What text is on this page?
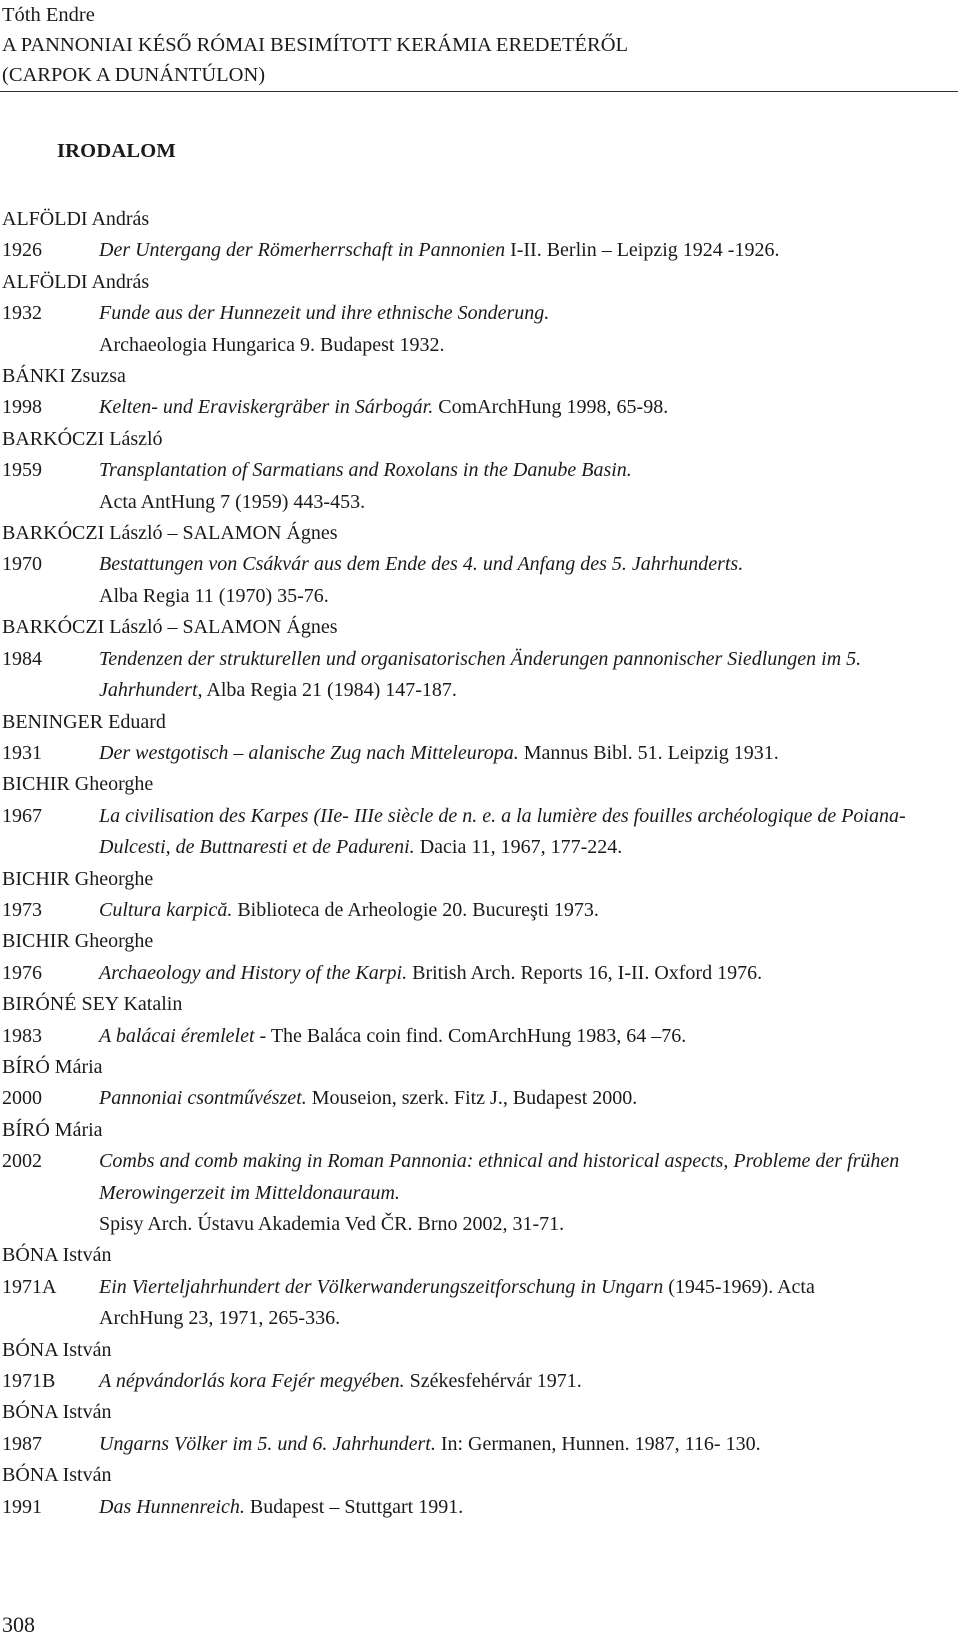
Tóth Endre
A PANNONIAI KÉSŐ RÓMAI BESIMÍTOTT KERÁMIA EREDETÉRŐL
(CARPOK A DUNÁNTÚLON)
IRODALOM
ALFÖLDI András
1926	Der Untergang der Römerherrschaft in Pannonien I-II. Berlin – Leipzig 1924 -1926.
ALFÖLDI András
1932	Funde aus der Hunnezeit und ihre ethnische Sonderung.
Archaeologia Hungarica 9. Budapest 1932.
BÁNKI Zsuzsa
1998	Kelten- und Eraviskergräber in Sárbogár. ComArchHung 1998, 65-98.
BARKÓCZI László
1959	Transplantation of Sarmatians and Roxolans in the Danube Basin.
Acta AntHung 7 (1959) 443-453.
BARKÓCZI László – SALAMON Ágnes
1970	Bestattungen von Csákvár aus dem Ende des 4. und Anfang des 5. Jahrhunderts.
Alba Regia 11 (1970) 35-76.
BARKÓCZI László – SALAMON Ágnes
1984	Tendenzen der strukturellen und organisatorischen Änderungen pannonischer Siedlungen im 5.
Jahrhundert, Alba Regia 21 (1984) 147-187.
BENINGER Eduard
1931	Der westgotisch – alanische Zug nach Mitteleuropa. Mannus Bibl. 51. Leipzig 1931.
BICHIR Gheorghe
1967	La civilisation des Karpes (IIe- IIIe siècle de n. e. a la lumière des fouilles archéologique de Poiana-
Dulcesti, de Buttnaresti et de Padureni. Dacia 11, 1967, 177-224.
BICHIR Gheorghe
1973	Cultura karpică. Biblioteca de Arheologie 20. Bucureşti 1973.
BICHIR Gheorghe
1976	Archaeology and History of the Karpi. British Arch. Reports 16, I-II. Oxford 1976.
BIRÓNÉ SEY Katalin
1983	A balácai éremlelet - The Baláca coin find. ComArchHung 1983, 64 –76.
BÍRÓ Mária
2000	Pannoniai csontművészet. Mouseion, szerk. Fitz J., Budapest 2000.
BÍRÓ Mária
2002	Combs and comb making in Roman Pannonia: ethnical and historical aspects, Probleme der frühen
Merowingerzeit im Mitteldonauraum.
Spisy Arch. Ústavu Akademia Ved ČR. Brno 2002, 31-71.
BÓNA István
1971A	Ein Vierteljahrhundert der Völkerwanderungszeitforschung in Ungarn (1945-1969). Acta
ArchHung 23, 1971, 265-336.
BÓNA István
1971B	A népvándorlás kora Fejér megyében. Székesfehérvár 1971.
BÓNA István
1987	Ungarns Völker im 5. und 6. Jahrhundert. In: Germanen, Hunnen. 1987, 116- 130.
BÓNA István
1991	Das Hunnenreich. Budapest – Stuttgart 1991.
308
